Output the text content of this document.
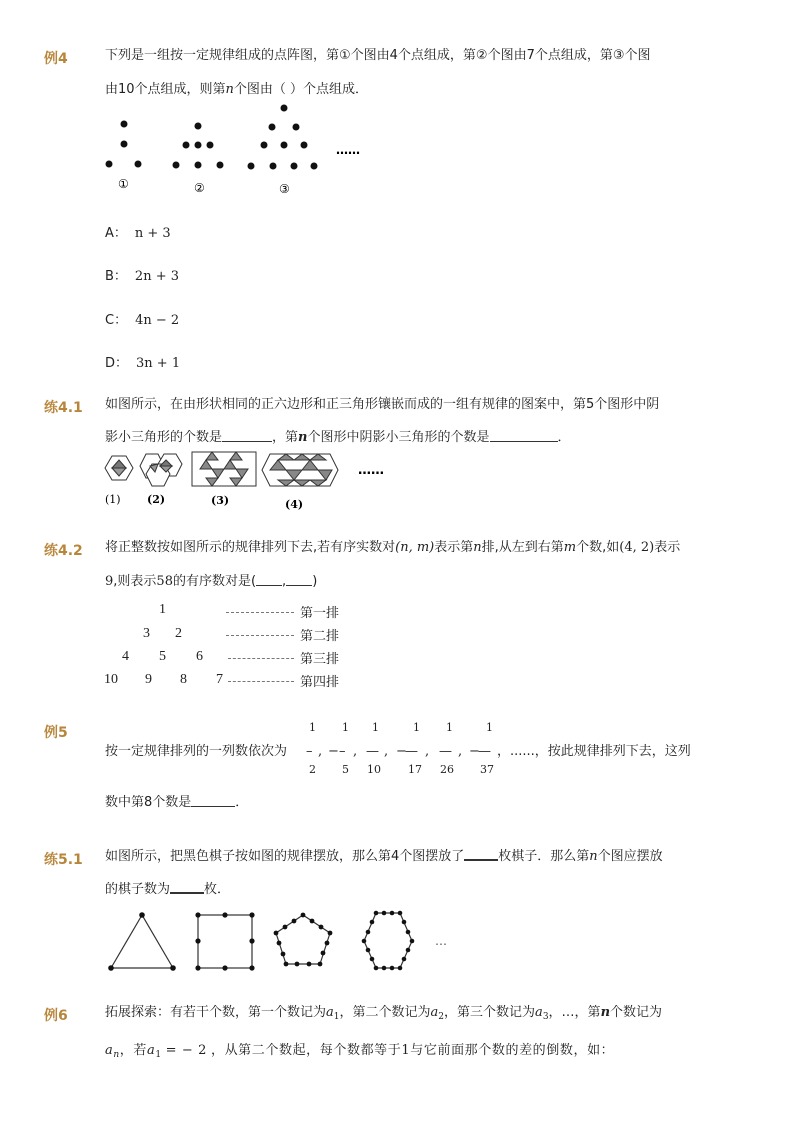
例4	下列是一组按一定规律组成的点阵图，第①个图由4个点组成，第②个图由7个点组成，第③个图
由10个点组成，则第n个图由（ ）个点组成．
①	②	③
……
A： n + 3
B： 2n + 3
C： 4n − 2
D： 3n + 1
练4.1 如图所示，在由形状相同的正六边形和正三角形镶嵌而成的一组有规律的图案中，第5个图形中阴
影小三角形的个数是	，第n个图形中阴影小三角形的个数是	．
(1) (2)	(3)	(4)
……
练4.2 将正整数按如图所示的规律排列下去,若有序实数对(n, m)表示第n排,从左到右第m个数,如(4, 2)表示
9,则表示58的有序数对是( , )
1	第一排
3 2	第二排
4 5 6	第三排
10 9 8 7	第四排
例5
按一定规律排列的一列数依次为
1
–
2
, −
1
–
5
,
1
—
10
, −
1
—
17
,
1
—
26
, −
1
—
37
，......，按此规律排列下去，这列
数中第8个数是	．
练5.1 如图所示，把黑色棋子按如图的规律摆放，那么第4个图摆放了	枚棋子．那么第n个图应摆放
的棋子数为	枚．
…
例6	拓展探索：有若干个数，第一个数记为$a_1$，第二个数记为$a_2$，第三个数记为$a_3$，…，第n个数记为
$a_n$，若$a_1$ = − 2 ，从第二个数起，每个数都等于1与它前面那个数的差的倒数，如：
